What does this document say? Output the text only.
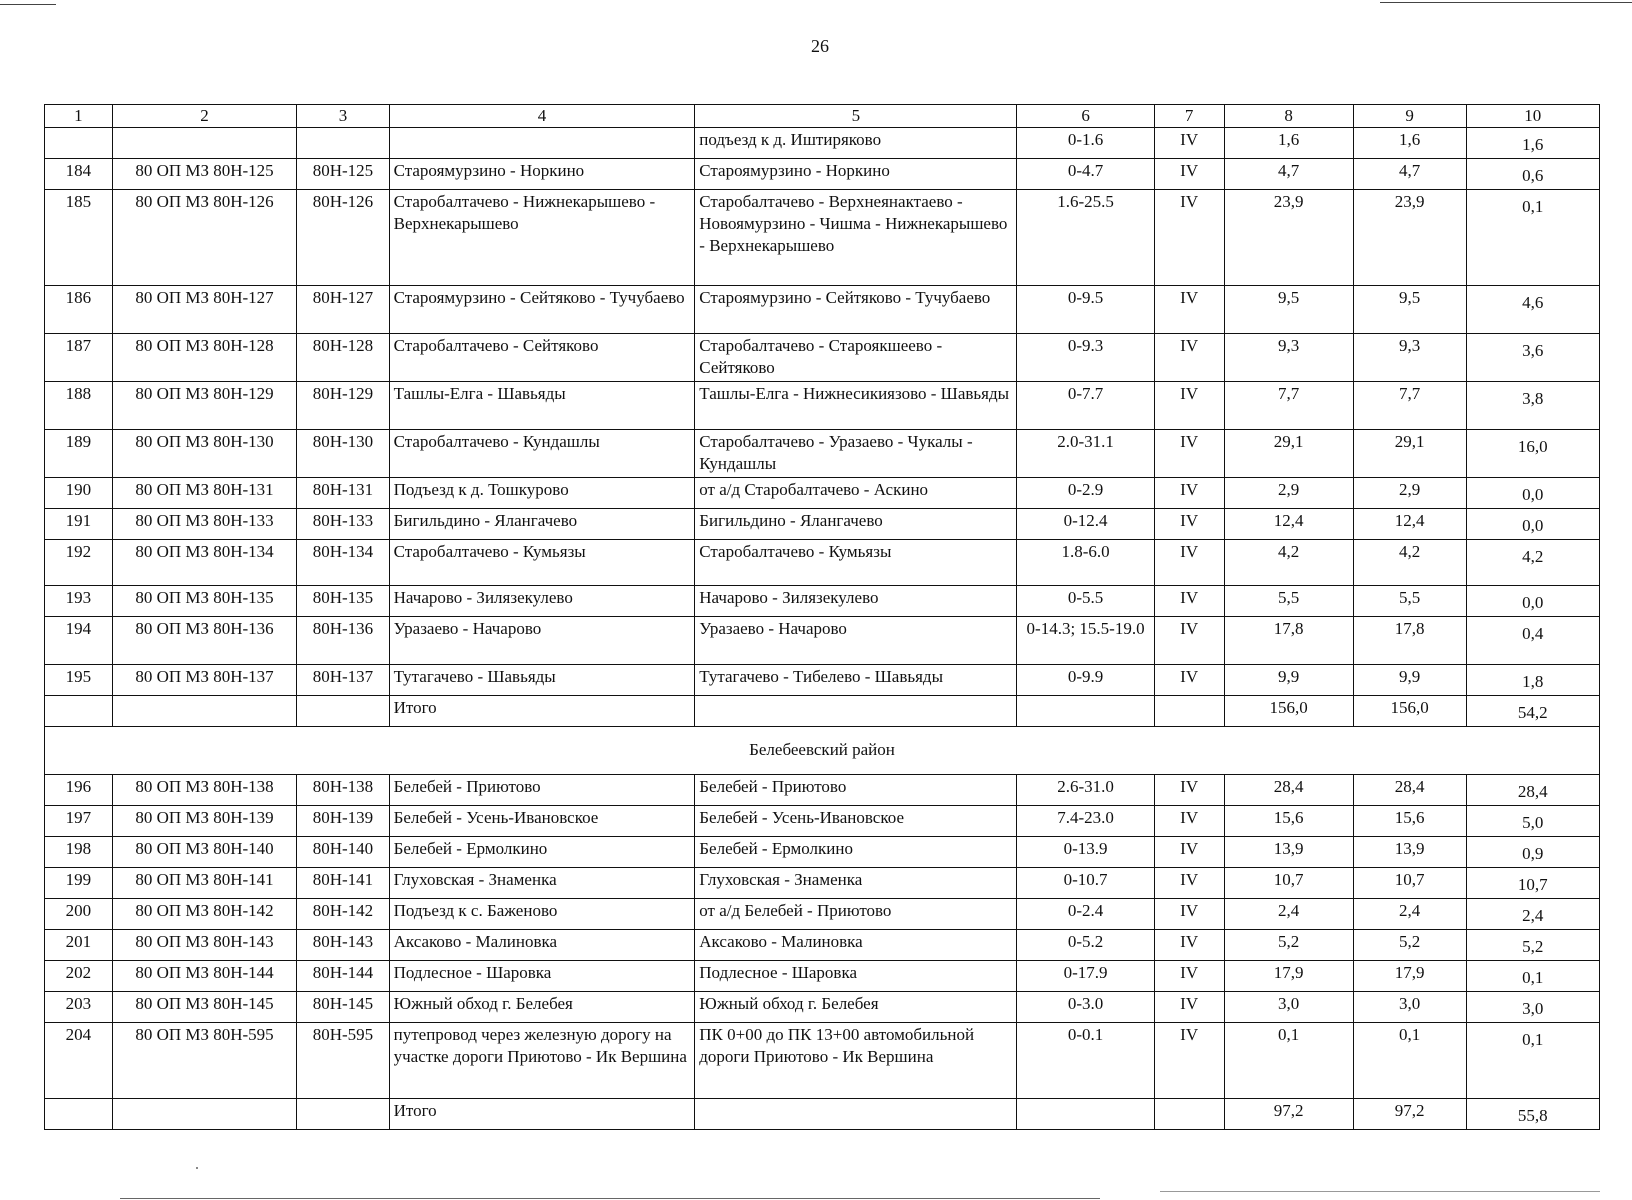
26
1	2	3	4	5	6	7	8	9	10
				подъезд к д. Иштиряково	0-1.6	IV	1,6	1,6	1,6
184	80 ОП МЗ 80Н-125	80Н-125	Староямурзино - Норкино	Староямурзино - Норкино	0-4.7	IV	4,7	4,7	0,6
185	80 ОП МЗ 80Н-126	80Н-126	Старобалтачево - Нижнекарышево - Верхнекарышево	Старобалтачево - Верхнеянактаево - Новоямурзино - Чишма - Нижнекарышево - Верхнекарышево	1.6-25.5	IV	23,9	23,9	0,1
186	80 ОП МЗ 80Н-127	80Н-127	Староямурзино - Сейтяково - Тучубаево	Староямурзино - Сейтяково - Тучубаево	0-9.5	IV	9,5	9,5	4,6
187	80 ОП МЗ 80Н-128	80Н-128	Старобалтачево - Сейтяково	Старобалтачево - Староякшеево - Сейтяково	0-9.3	IV	9,3	9,3	3,6
188	80 ОП МЗ 80Н-129	80Н-129	Ташлы-Елга - Шавьяды	Ташлы-Елга - Нижнесикиязово - Шавьяды	0-7.7	IV	7,7	7,7	3,8
189	80 ОП МЗ 80Н-130	80Н-130	Старобалтачево - Кундашлы	Старобалтачево - Уразаево - Чукалы - Кундашлы	2.0-31.1	IV	29,1	29,1	16,0
190	80 ОП МЗ 80Н-131	80Н-131	Подъезд к д. Тошкурово	от а/д Старобалтачево - Аскино	0-2.9	IV	2,9	2,9	0,0
191	80 ОП МЗ 80Н-133	80Н-133	Бигильдино - Ялангачево	Бигильдино - Ялангачево	0-12.4	IV	12,4	12,4	0,0
192	80 ОП МЗ 80Н-134	80Н-134	Старобалтачево - Кумьязы	Старобалтачево - Кумьязы	1.8-6.0	IV	4,2	4,2	4,2
193	80 ОП МЗ 80Н-135	80Н-135	Начарово - Зилязекулево	Начарово - Зилязекулево	0-5.5	IV	5,5	5,5	0,0
194	80 ОП МЗ 80Н-136	80Н-136	Уразаево - Начарово	Уразаево - Начарово	0-14.3; 15.5-19.0	IV	17,8	17,8	0,4
195	80 ОП МЗ 80Н-137	80Н-137	Тутагачево - Шавьяды	Тутагачево - Тибелево - Шавьяды	0-9.9	IV	9,9	9,9	1,8
			Итого				156,0	156,0	54,2
Белебеевский район									
196	80 ОП МЗ 80Н-138	80Н-138	Белебей - Приютово	Белебей - Приютово	2.6-31.0	IV	28,4	28,4	28,4
197	80 ОП МЗ 80Н-139	80Н-139	Белебей - Усень-Ивановское	Белебей - Усень-Ивановское	7.4-23.0	IV	15,6	15,6	5,0
198	80 ОП МЗ 80Н-140	80Н-140	Белебей - Ермолкино	Белебей - Ермолкино	0-13.9	IV	13,9	13,9	0,9
199	80 ОП МЗ 80Н-141	80Н-141	Глуховская - Знаменка	Глуховская - Знаменка	0-10.7	IV	10,7	10,7	10,7
200	80 ОП МЗ 80Н-142	80Н-142	Подъезд к с. Баженово	от а/д Белебей - Приютово	0-2.4	IV	2,4	2,4	2,4
201	80 ОП МЗ 80Н-143	80Н-143	Аксаково - Малиновка	Аксаково - Малиновка	0-5.2	IV	5,2	5,2	5,2
202	80 ОП МЗ 80Н-144	80Н-144	Подлесное - Шаровка	Подлесное - Шаровка	0-17.9	IV	17,9	17,9	0,1
203	80 ОП МЗ 80Н-145	80Н-145	Южный обход г. Белебея	Южный обход г. Белебея	0-3.0	IV	3,0	3,0	3,0
204	80 ОП МЗ 80Н-595	80Н-595	путепровод через железную дорогу на участке дороги Приютово - Ик Вершина	ПК 0+00 до ПК 13+00 автомобильной дороги Приютово - Ик Вершина	0-0.1	IV	0,1	0,1	0,1
			Итого				97,2	97,2	55,8
